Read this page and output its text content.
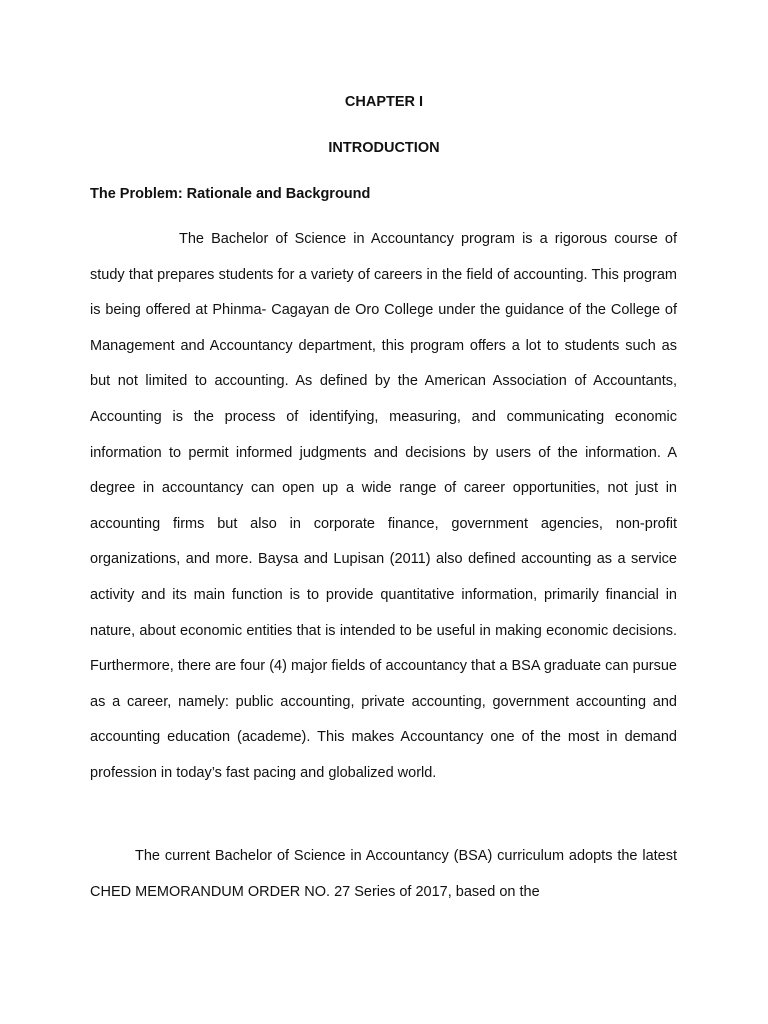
CHAPTER I

INTRODUCTION

The Problem: Rationale and Background

The Bachelor of Science in Accountancy program is a rigorous course of study that prepares students for a variety of careers in the field of accounting. This program is being offered at Phinma- Cagayan de Oro College under the guidance of the College of Management and Accountancy department, this program offers a lot to students such as but not limited to accounting. As defined by the American Association of Accountants, Accounting is the process of identifying, measuring, and communicating economic information to permit informed judgments and decisions by users of the information. A degree in accountancy can open up a wide range of career opportunities, not just in accounting firms but also in corporate finance, government agencies, non-profit organizations, and more. Baysa and Lupisan (2011) also defined accounting as a service activity and its main function is to provide quantitative information, primarily financial in nature, about economic entities that is intended to be useful in making economic decisions. Furthermore, there are four (4) major fields of accountancy that a BSA graduate can pursue as a career, namely: public accounting, private accounting, government accounting and accounting education (academe). This makes Accountancy one of the most in demand profession in today’s fast pacing and globalized world.

The current Bachelor of Science in Accountancy (BSA) curriculum adopts the latest CHED MEMORANDUM ORDER NO. 27 Series of 2017, based on the
